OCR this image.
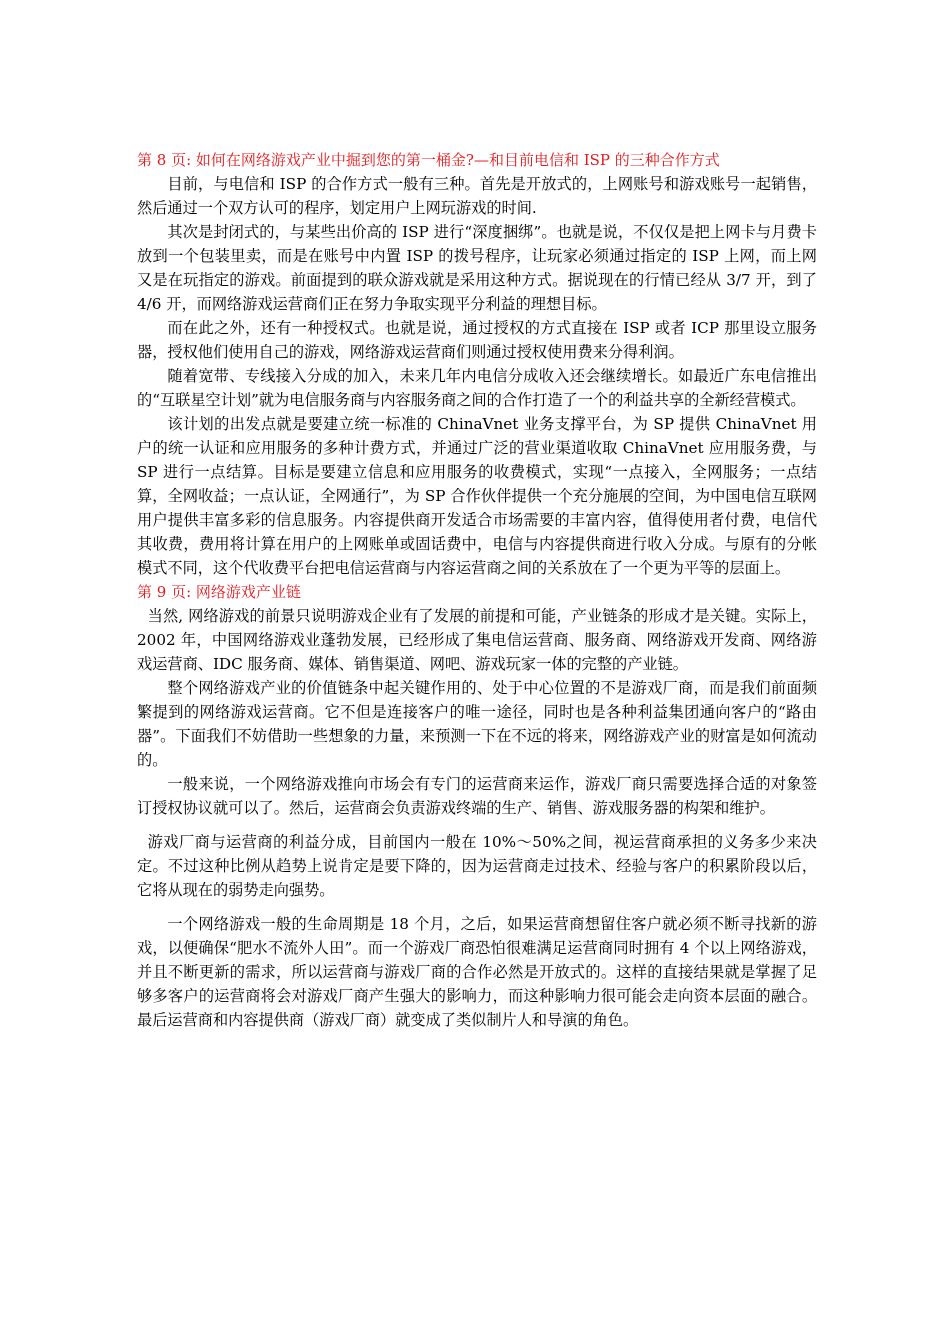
第 8 页: 如何在网络游戏产业中掘到您的第一桶金?—和目前电信和 ISP 的三种合作方式

目前，与电信和 ISP 的合作方式一般有三种。首先是开放式的，上网账号和游戏账号一起销售，然后通过一个双方认可的程序，划定用户上网玩游戏的时间.

其次是封闭式的，与某些出价高的 ISP 进行“深度捆绑”。也就是说，不仅仅是把上网卡与月费卡放到一个包装里卖，而是在账号中内置 ISP 的拨号程序，让玩家必须通过指定的 ISP 上网，而上网又是在玩指定的游戏。前面提到的联众游戏就是采用这种方式。据说现在的行情已经从 3/7 开，到了 4/6 开，而网络游戏运营商们正在努力争取实现平分利益的理想目标。

而在此之外，还有一种授权式。也就是说，通过授权的方式直接在 ISP 或者 ICP 那里设立服务器，授权他们使用自己的游戏，网络游戏运营商们则通过授权使用费来分得利润。

随着宽带、专线接入分成的加入，未来几年内电信分成收入还会继续增长。如最近广东电信推出的“互联星空计划”就为电信服务商与内容服务商之间的合作打造了一个的利益共享的全新经营模式。

该计划的出发点就是要建立统一标准的 ChinaVnet 业务支撑平台，为 SP 提供 ChinaVnet 用户的统一认证和应用服务的多种计费方式，并通过广泛的营业渠道收取 ChinaVnet 应用服务费，与 SP 进行一点结算。目标是要建立信息和应用服务的收费模式，实现“一点接入，全网服务；一点结算，全网收益；一点认证，全网通行”，为 SP 合作伙伴提供一个充分施展的空间，为中国电信互联网用户提供丰富多彩的信息服务。内容提供商开发适合市场需要的丰富内容，值得使用者付费，电信代其收费，费用将计算在用户的上网账单或固话费中，电信与内容提供商进行收入分成。与原有的分帐模式不同，这个代收费平台把电信运营商与内容运营商之间的关系放在了一个更为平等的层面上。

第 9 页: 网络游戏产业链

当然, 网络游戏的前景只说明游戏企业有了发展的前提和可能，产业链条的形成才是关键。实际上，2002 年，中国网络游戏业蓬勃发展，已经形成了集电信运营商、服务商、网络游戏开发商、网络游戏运营商、IDC 服务商、媒体、销售渠道、网吧、游戏玩家一体的完整的产业链。

整个网络游戏产业的价值链条中起关键作用的、处于中心位置的不是游戏厂商，而是我们前面频繁提到的网络游戏运营商。它不但是连接客户的唯一途径，同时也是各种利益集团通向客户的“路由器”。下面我们不妨借助一些想象的力量，来预测一下在不远的将来，网络游戏产业的财富是如何流动的。

一般来说，一个网络游戏推向市场会有专门的运营商来运作，游戏厂商只需要选择合适的对象签订授权协议就可以了。然后，运营商会负责游戏终端的生产、销售、游戏服务器的构架和维护。

游戏厂商与运营商的利益分成，目前国内一般在 10%～50%之间，视运营商承担的义务多少来决定。不过这种比例从趋势上说肯定是要下降的，因为运营商走过技术、经验与客户的积累阶段以后，它将从现在的弱势走向强势。

一个网络游戏一般的生命周期是 18 个月，之后，如果运营商想留住客户就必须不断寻找新的游戏，以便确保“肥水不流外人田”。而一个游戏厂商恐怕很难满足运营商同时拥有 4 个以上网络游戏，并且不断更新的需求，所以运营商与游戏厂商的合作必然是开放式的。这样的直接结果就是掌握了足够多客户的运营商将会对游戏厂商产生强大的影响力，而这种影响力很可能会走向资本层面的融合。最后运营商和内容提供商（游戏厂商）就变成了类似制片人和导演的角色。
